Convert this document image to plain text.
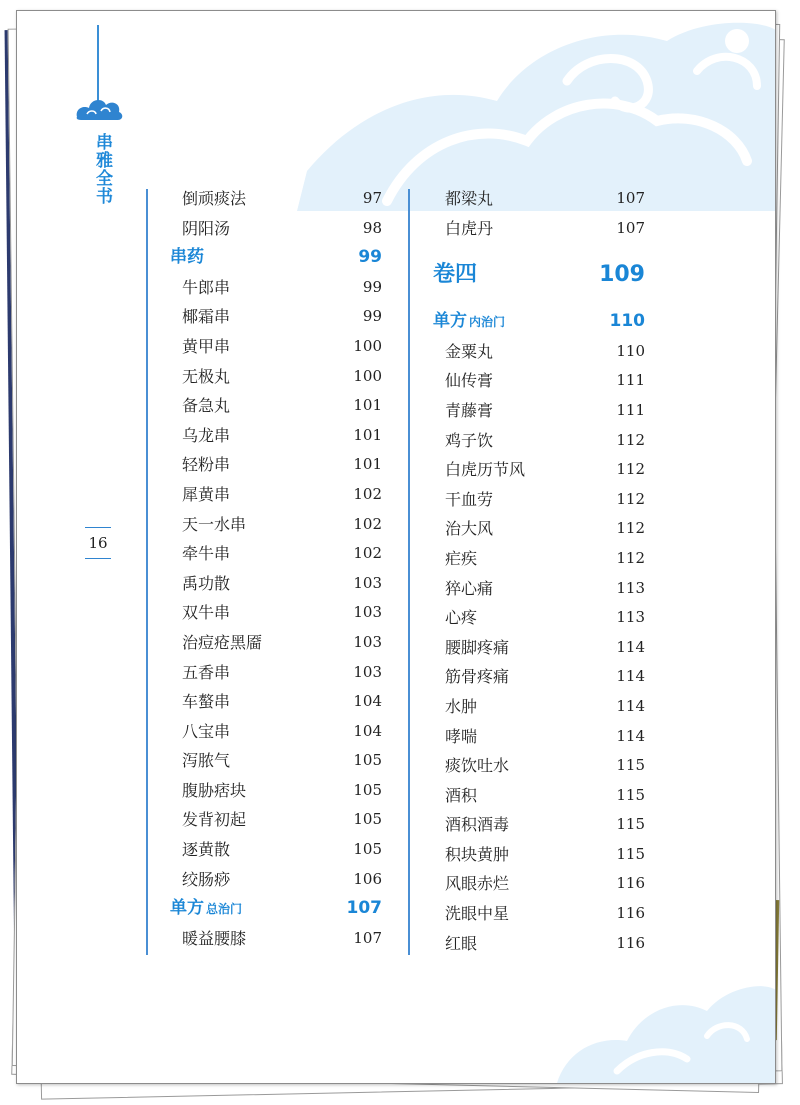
串雅全书
16
倒顽痰法	97
阴阳汤	98
串药	99
牛郎串	99
椰霜串	99
黄甲串	100
无极丸	100
备急丸	101
乌龙串	101
轻粉串	101
犀黄串	102
天一水串	102
牵牛串	102
禹功散	103
双牛串	103
治痘疮黑靥	103
五香串	103
车螯串	104
八宝串	104
泻脓气	105
腹胁痞块	105
发背初起	105
逐黄散	105
绞肠痧	106
单方 总治门	107
暖益腰膝	107
都梁丸	107
白虎丹	107
卷四	109
单方 内治门	110
金粟丸	110
仙传膏	111
青藤膏	111
鸡子饮	112
白虎历节风	112
干血劳	112
治大风	112
疟疾	112
猝心痛	113
心疼	113
腰脚疼痛	114
筋骨疼痛	114
水肿	114
哮喘	114
痰饮吐水	115
酒积	115
酒积酒毒	115
积块黄肿	115
风眼赤烂	116
洗眼中星	116
红眼	116
